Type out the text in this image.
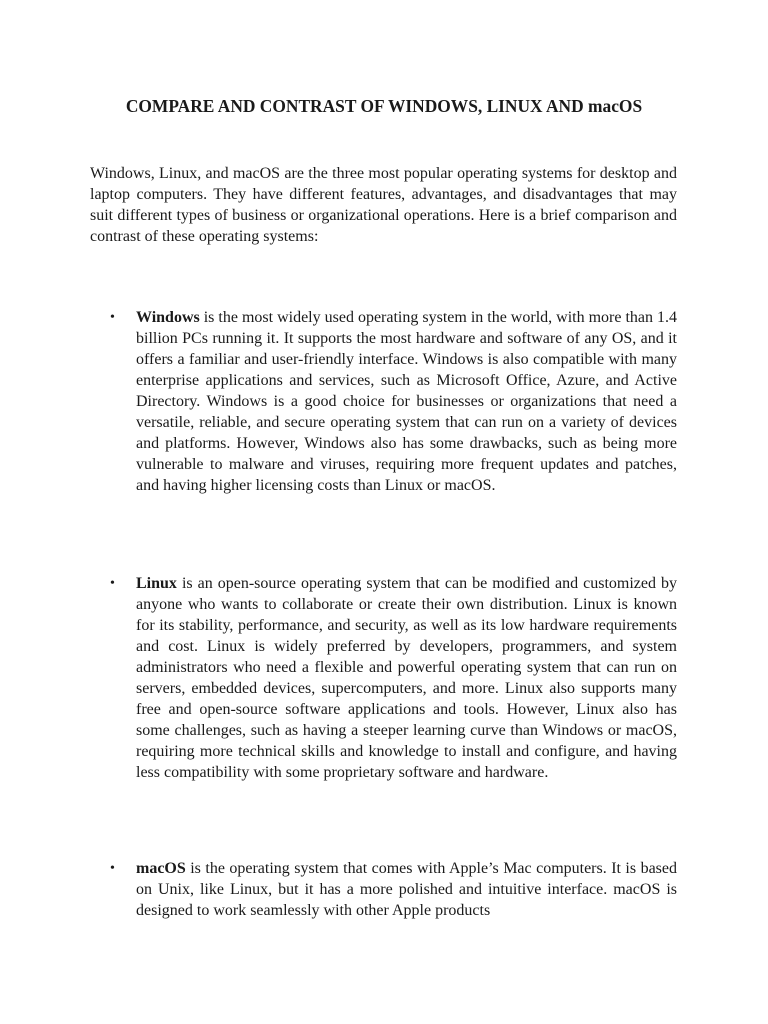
COMPARE AND CONTRAST OF WINDOWS, LINUX AND macOS

Windows, Linux, and macOS are the three most popular operating systems for desktop and laptop computers. They have different features, advantages, and disadvantages that may suit different types of business or organizational operations. Here is a brief comparison and contrast of these operating systems:

• Windows is the most widely used operating system in the world, with more than 1.4 billion PCs running it. It supports the most hardware and software of any OS, and it offers a familiar and user-friendly interface. Windows is also compatible with many enterprise applications and services, such as Microsoft Office, Azure, and Active Directory. Windows is a good choice for businesses or organizations that need a versatile, reliable, and secure operating system that can run on a variety of devices and platforms. However, Windows also has some drawbacks, such as being more vulnerable to malware and viruses, requiring more frequent updates and patches, and having higher licensing costs than Linux or macOS.

• Linux is an open-source operating system that can be modified and customized by anyone who wants to collaborate or create their own distribution. Linux is known for its stability, performance, and security, as well as its low hardware requirements and cost. Linux is widely preferred by developers, programmers, and system administrators who need a flexible and powerful operating system that can run on servers, embedded devices, supercomputers, and more. Linux also supports many free and open-source software applications and tools. However, Linux also has some challenges, such as having a steeper learning curve than Windows or macOS, requiring more technical skills and knowledge to install and configure, and having less compatibility with some proprietary software and hardware.

• macOS is the operating system that comes with Apple’s Mac computers. It is based on Unix, like Linux, but it has a more polished and intuitive interface. macOS is designed to work seamlessly with other Apple products
